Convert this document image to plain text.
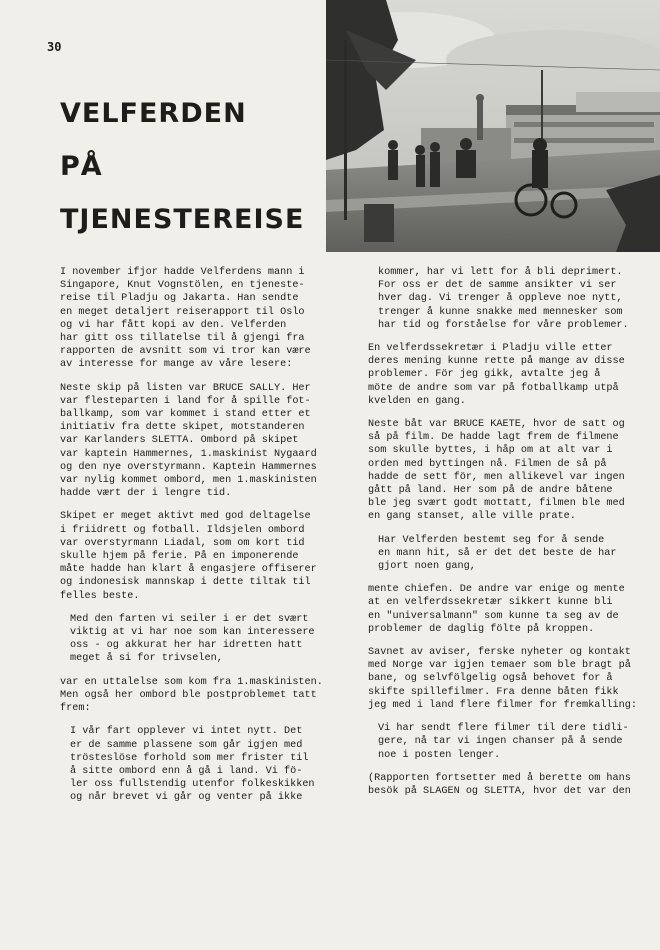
30
VELFERDEN
PÅ
TJENESTEREISE

I november ifjor hadde Velferdens mann i
Singapore, Knut Vognstölen, en tjeneste-
reise til Pladju og Jakarta. Han sendte
en meget detaljert reiserapport til Oslo
og vi har fått kopi av den. Velferden
har gitt oss tillatelse til å gjengi fra
rapporten de avsnitt som vi tror kan være
av interesse for mange av våre lesere:

Neste skip på listen var BRUCE SALLY. Her
var flesteparten i land for å spille fot-
ballkamp, som var kommet i stand etter et
initiativ fra dette skipet, motstanderen
var Karlanders SLETTA. Ombord på skipet
var kaptein Hammernes, 1.maskinist Nygaard
og den nye overstyrmann. Kaptein Hammernes
var nylig kommet ombord, men 1.maskinisten
hadde vært der i lengre tid.

Skipet er meget aktivt med god deltagelse
i friidrett og fotball. Ildsjelen ombord
var overstyrmann Liadal, som om kort tid
skulle hjem på ferie. På en imponerende
måte hadde han klart å engasjere offiserer
og indonesisk mannskap i dette tiltak til
felles beste.

Med den farten vi seiler i er det svært
viktig at vi har noe som kan interessere
oss - og akkurat her har idretten hatt
meget å si for trivselen,

var en uttalelse som kom fra 1.maskinisten.
Men også her ombord ble postproblemet tatt
frem:

I vår fart opplever vi intet nytt. Det
er de samme plassene som går igjen med
trösteslöse forhold som mer frister til
å sitte ombord enn å gå i land. Vi fö-
ler oss fullstendig utenfor folkeskikken
og når brevet vi går og venter på ikke

kommer, har vi lett for å bli deprimert.
For oss er det de samme ansikter vi ser
hver dag. Vi trenger å oppleve noe nytt,
trenger å kunne snakke med mennesker som
har tid og forståelse for våre problemer.

En velferdssekretær i Pladju ville etter
deres mening kunne rette på mange av disse
problemer. För jeg gikk, avtalte jeg å
möte de andre som var på fotballkamp utpå
kvelden en gang.

Neste båt var BRUCE KAETE, hvor de satt og
så på film. De hadde lagt frem de filmene
som skulle byttes, i håp om at alt var i
orden med byttingen nå. Filmen de så på
hadde de sett för, men allikevel var ingen
gått på land. Her som på de andre båtene
ble jeg svært godt mottatt, filmen ble med
en gang stanset, alle ville prate.

Har Velferden bestemt seg for å sende
en mann hit, så er det det beste de har
gjort noen gang,

mente chiefen. De andre var enige og mente
at en velferdssekretær sikkert kunne bli
en "universalmann" som kunne ta seg av de
problemer de daglig fölte på kroppen.

Savnet av aviser, ferske nyheter og kontakt
med Norge var igjen temaer som ble bragt på
bane, og selvfölgelig også behovet for å
skifte spillefilmer. Fra denne båten fikk
jeg med i land flere filmer for fremkalling:

Vi har sendt flere filmer til dere tidli-
gere, nå tar vi ingen chanser på å sende
noe i posten lenger.

(Rapporten fortsetter med å berette om hans
besök på SLAGEN og SLETTA, hvor det var den
